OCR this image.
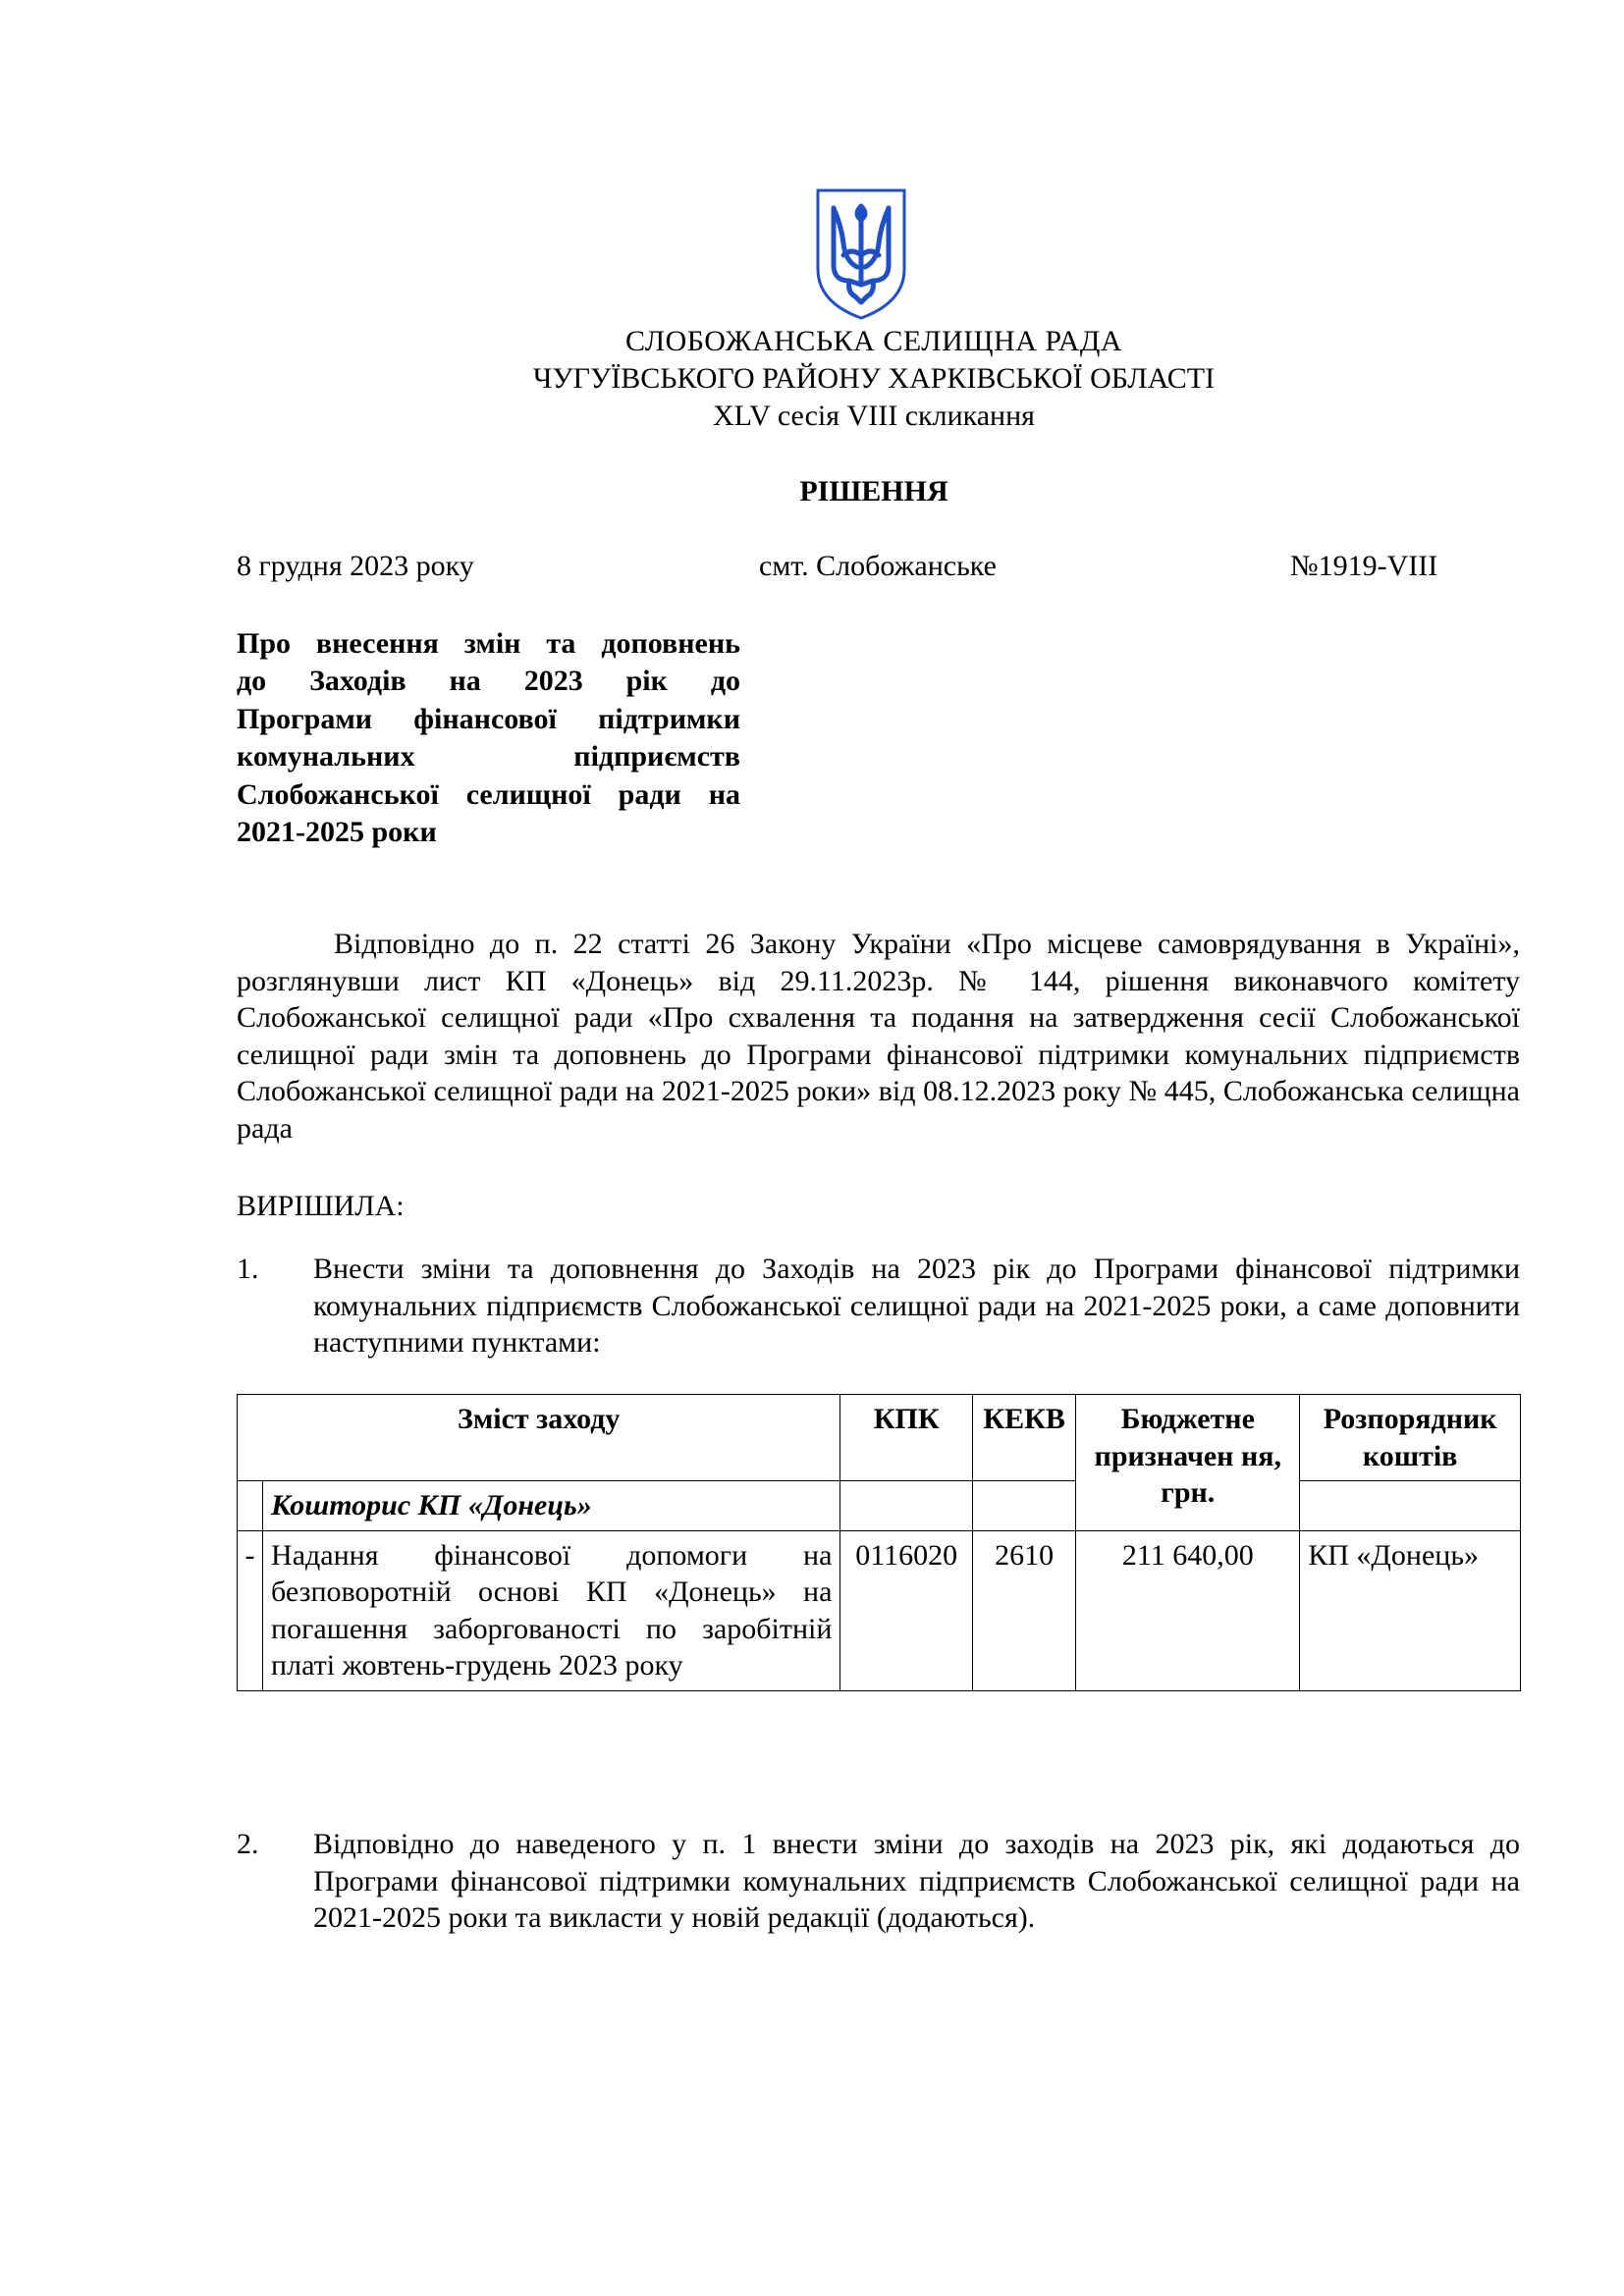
СЛОБОЖАНСЬКА СЕЛИЩНА РАДА
ЧУГУЇВСЬКОГО РАЙОНУ ХАРКІВСЬКОЇ ОБЛАСТІ
XLV сесія VIII скликання
РІШЕННЯ
8 грудня 2023 року	смт. Слобожанське	№1919-VIII
Про внесення змін та доповнень
до Заходів на 2023 рік до
Програми фінансової підтримки
комунальних підприємств
Слобожанської селищної ради на
2021-2025 роки
Відповідно до п. 22 статті 26 Закону України «Про місцеве самоврядування в Україні», розглянувши лист КП «Донець» від 29.11.2023р. № 144, рішення виконавчого комітету Слобожанської селищної ради «Про схвалення та подання на затвердження сесії Слобожанської селищної ради змін та доповнень до Програми фінансової підтримки комунальних підприємств Слобожанської селищної ради на 2021-2025 роки» від 08.12.2023 року № 445, Слобожанська селищна рада
ВИРІШИЛА:
1. Внести зміни та доповнення до Заходів на 2023 рік до Програми фінансової підтримки комунальних підприємств Слобожанської селищної ради на 2021-2025 роки, а саме доповнити наступними пунктами:
Зміст заходу		КПК	КЕКВ	Бюджетне призначен ня, грн.	Розпорядник коштів
	Кошторис КП «Донець»				
-	Надання фінансової допомоги на безповоротній основі КП «Донець» на погашення заборгованості по заробітній платі жовтень-грудень 2023 року	0116020	2610	211 640,00	КП «Донець»
2. Відповідно до наведеного у п. 1 внести зміни до заходів на 2023 рік, які додаються до Програми фінансової підтримки комунальних підприємств Слобожанської селищної ради на 2021-2025 роки та викласти у новій редакції (додаються).
